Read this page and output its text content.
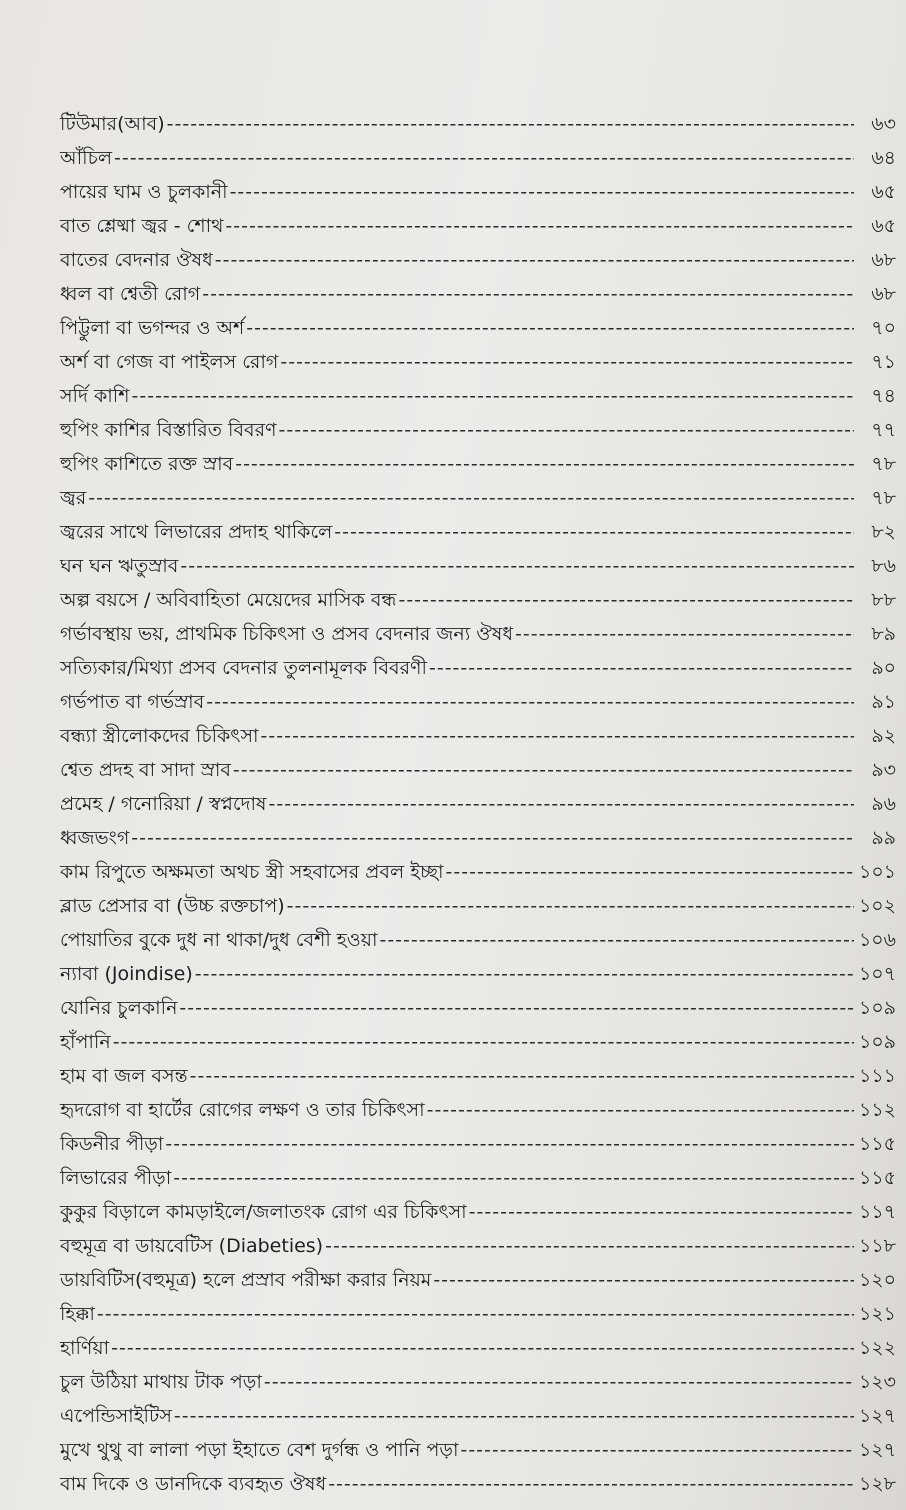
টিউমার(আব) -----	৬৩
আঁচিল -----	৬৪
পায়ের ঘাম ও চুলকানী -----	৬৫
বাত শ্লেষ্মা জ্বর - শোথ -----	৬৫
বাতের বেদনার ঔষধ -----	৬৮
ধ্বল বা শ্বেতী রোগ -----	৬৮
পিট্টুলা বা ভগন্দর ও অর্শ -----	৭০
অর্শ বা গেজ বা পাইলস রোগ -----	৭১
সর্দি কাশি -----	৭৪
হুপিং কাশির বিস্তারিত বিবরণ -----	৭৭
হুপিং কাশিতে রক্ত স্রাব -----	৭৮
জ্বর -----	৭৮
জ্বরের সাথে লিভারের প্রদাহ থাকিলে -----	৮২
ঘন ঘন ঋতুস্রাব -----	৮৬
অল্প বয়সে / অবিবাহিতা মেয়েদের মাসিক বন্ধ -----	৮৮
গর্ভাবস্থায় ভয়, প্রাথমিক চিকিৎসা ও প্রসব বেদনার জন্য ঔষধ -----	৮৯
সত্যিকার/মিথ্যা প্রসব বেদনার তুলনামূলক বিবরণী -----	৯০
গর্ভপাত বা গর্ভস্রাব -----	৯১
বন্ধ্যা স্ত্রীলোকদের চিকিৎসা -----	৯২
শ্বেত প্রদহ বা সাদা স্রাব -----	৯৩
প্রমেহ / গনোরিয়া / স্বপ্নদোষ -----	৯৬
ধ্বজভংগ -----	৯৯
কাম রিপুতে অক্ষমতা অথচ স্ত্রী সহবাসের প্রবল ইচ্ছা -----	১০১
ব্লাড প্রেসার বা (উচ্চ রক্তচাপ) -----	১০২
পোয়াতির বুকে দুধ না থাকা/দুধ বেশী হওয়া -----	১০৬
ন্যাবা (Joindise) -----	১০৭
যোনির চুলকানি -----	১০৯
হাঁপানি -----	১০৯
হাম বা জল বসন্ত -----	১১১
হৃদরোগ বা হার্টের রোগের লক্ষণ ও তার চিকিৎসা -----	১১২
কিডনীর পীড়া -----	১১৫
লিভারের পীড়া -----	১১৫
কুকুর বিড়ালে কামড়াইলে/জলাতংক রোগ এর চিকিৎসা -----	১১৭
বহুমূত্র বা ডায়বেটিস (Diabeties) -----	১১৮
ডায়বিটিস(বহুমূত্র) হলে প্রস্রাব পরীক্ষা করার নিয়ম -----	১২০
হিক্কা -----	১২১
হার্ণিয়া -----	১২২
চুল উঠিয়া মাথায় টাক পড়া -----	১২৩
এপেন্ডিসাইটিস -----	১২৭
মুখে থুথু বা লালা পড়া ইহাতে বেশ দুর্গন্ধ ও পানি পড়া -----	১২৭
বাম দিকে ও ডানদিকে ব্যবহৃত ঔষধ -----	১২৮
